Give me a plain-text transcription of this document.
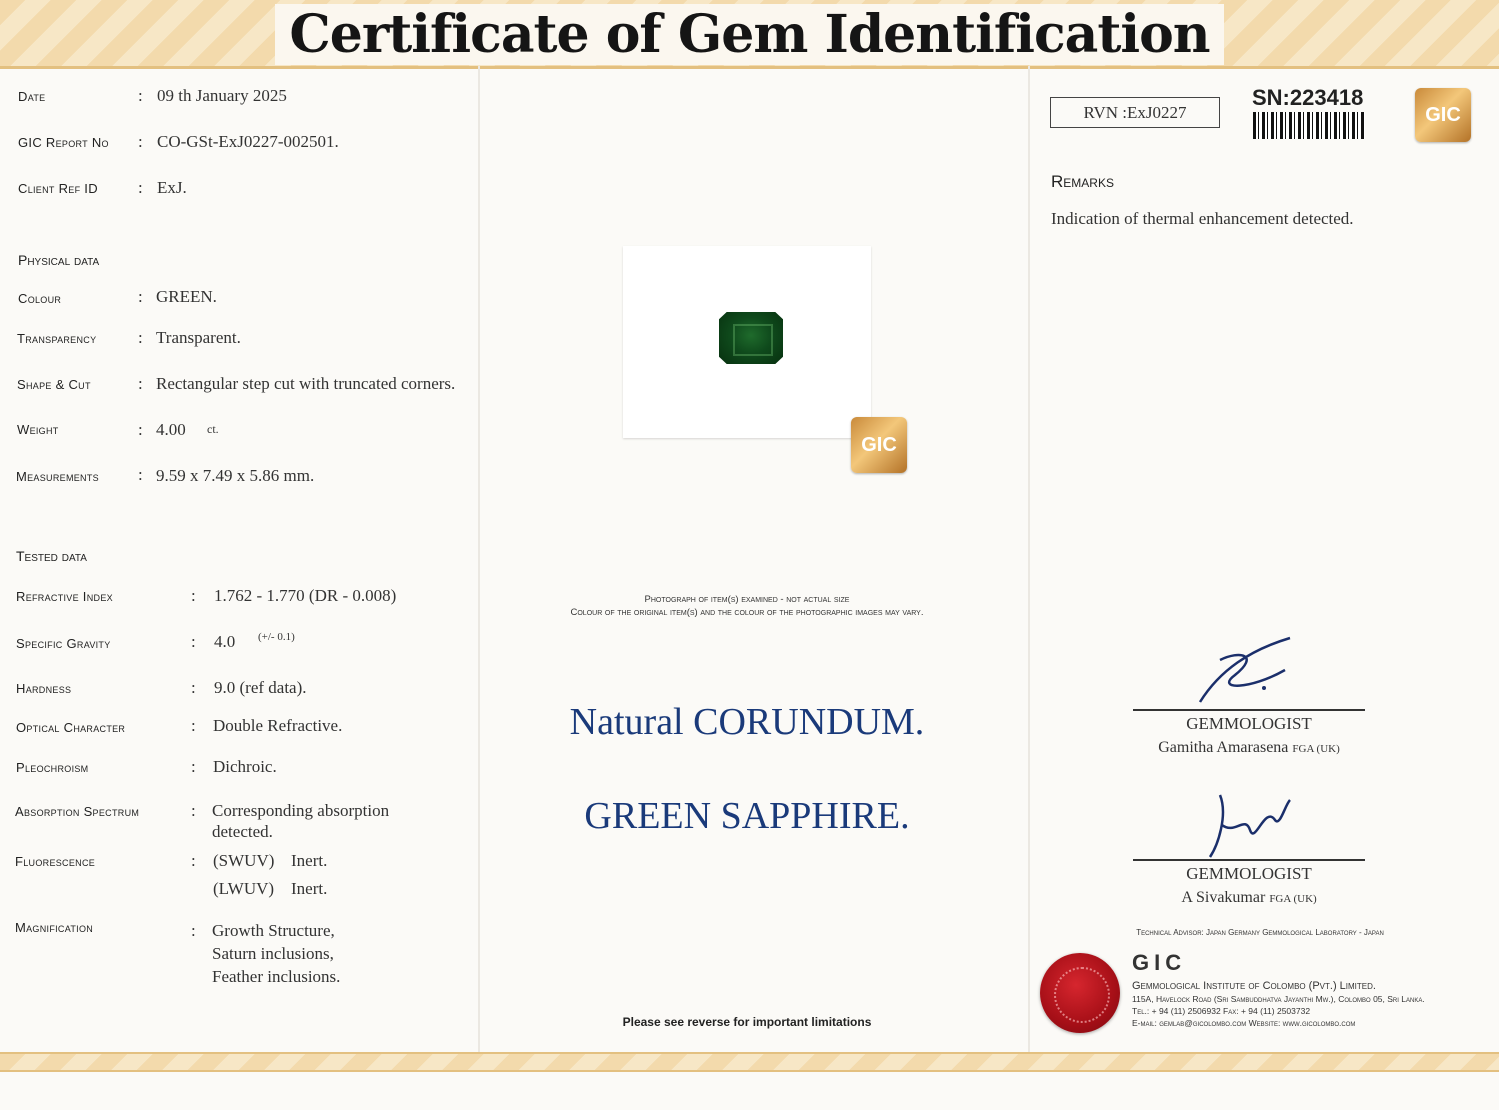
Certificate of Gem Identification
Date	: 09 th January 2025
GIC Report No : CO-GSt-ExJ0227-002501.
Client Ref ID : ExJ.
Physical data
Colour	: GREEN.
Transparency : Transparent.
Shape & Cut	: Rectangular step cut with truncated corners.
Weight	: 4.00 ct.
Measurements : 9.59 x 7.49 x 5.86 mm.
Tested data
Refractive Index	: 1.762 - 1.770 (DR - 0.008)
Specific Gravity	: 4.0 (+/- 0.1)
Hardness	: 9.0 (ref data).
Optical Character	: Double Refractive.
Pleochroism	: Dichroic.
Absorption Spectrum	: Corresponding absorption detected.
Fluorescence	: (SWUV) Inert.
(LWUV) Inert.
Magnification	: Growth Structure,
Saturn inclusions,
Feather inclusions.
GIC
Photograph of item(s) examined - not actual size
Colour of the original item(s) and the colour of the photographic images may vary.
Natural CORUNDUM.
GREEN SAPPHIRE.
Please see reverse for important limitations
RVN :ExJ0227
SN:223418
GIC
Remarks
Indication of thermal enhancement detected.
GEMMOLOGIST
Gamitha Amarasena FGA (UK)
GEMMOLOGIST
A Sivakumar FGA (UK)
Technical Advisor: Japan Germany Gemmological Laboratory - Japan
GIC
Gemmological Institute of Colombo (Pvt.) Limited.
115A, Havelock Road (Sri Sambuddhatva Jayanthi Mw.), Colombo 05, Sri Lanka.
Tel.: + 94 (11) 2506932 Fax: + 94 (11) 2503732
E-mail: gemlab@gicolombo.com Website: www.gicolombo.com
